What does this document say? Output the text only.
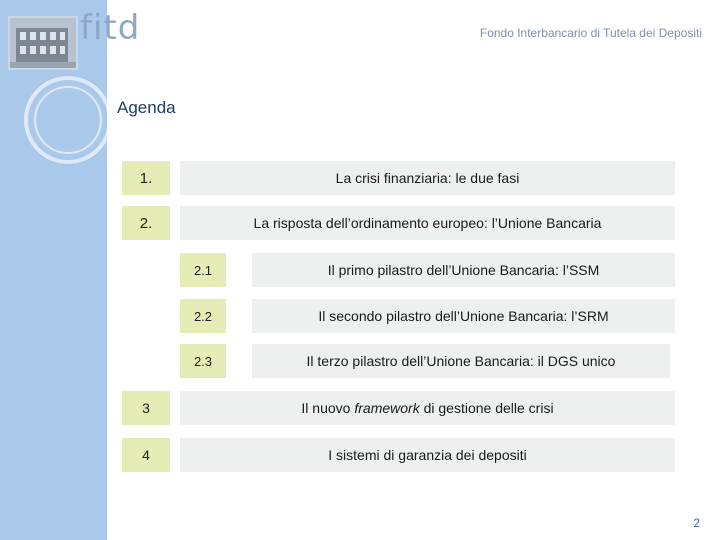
fitd	Fondo Interbancario di Tutela dei Depositi
Agenda
1.	La crisi finanziaria: le due fasi
2.	La risposta dell’ordinamento europeo: l’Unione Bancaria
2.1	Il primo pilastro dell’Unione Bancaria: l’SSM
2.2	Il secondo pilastro dell’Unione Bancaria: l’SRM
2.3	Il terzo pilastro dell’Unione Bancaria: il DGS unico
3	Il nuovo framework di gestione delle crisi
4	I sistemi di garanzia dei depositi
2
